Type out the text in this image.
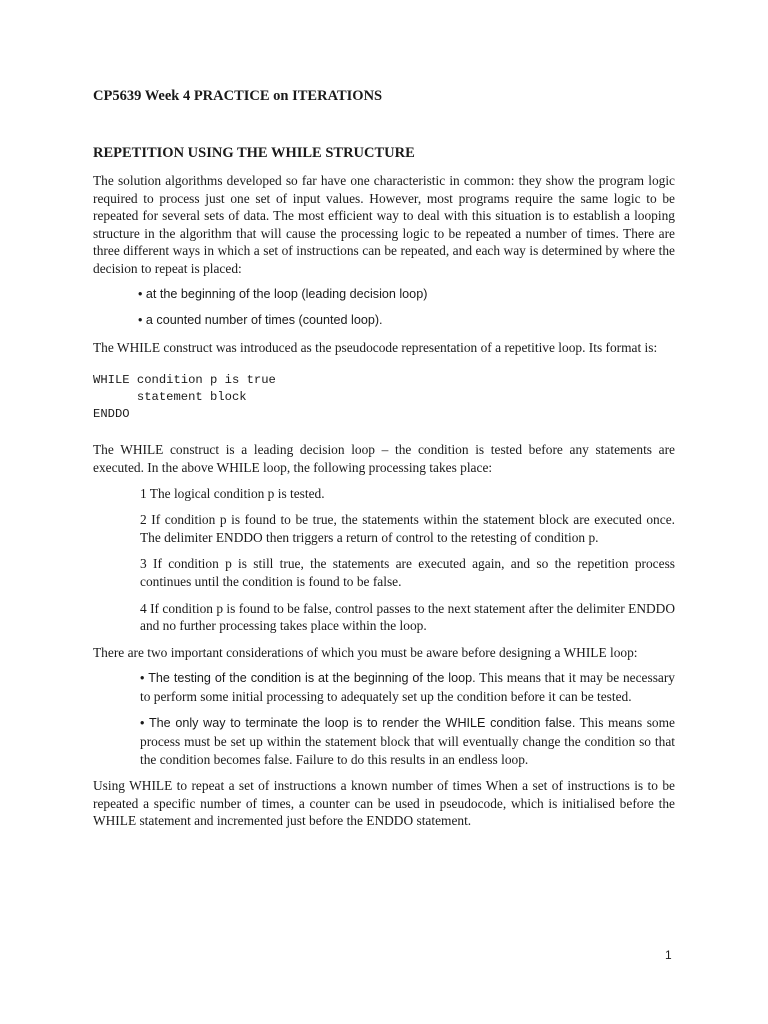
CP5639 Week 4 PRACTICE on ITERATIONS
REPETITION USING THE WHILE STRUCTURE

The solution algorithms developed so far have one characteristic in common: they show the program logic required to process just one set of input values. However, most programs require the same logic to be repeated for several sets of data. The most efficient way to deal with this situation is to establish a looping structure in the algorithm that will cause the processing logic to be repeated a number of times. There are three different ways in which a set of instructions can be repeated, and each way is determined by where the decision to repeat is placed:

• at the beginning of the loop (leading decision loop)

• a counted number of times (counted loop).

The WHILE construct was introduced as the pseudocode representation of a repetitive loop. Its format is:

WHILE condition p is true
statement block
ENDDO

The WHILE construct is a leading decision loop – the condition is tested before any statements are executed. In the above WHILE loop, the following processing takes place:

1 The logical condition p is tested.

2 If condition p is found to be true, the statements within the statement block are executed once. The delimiter ENDDO then triggers a return of control to the retesting of condition p.

3 If condition p is still true, the statements are executed again, and so the repetition process continues until the condition is found to be false.

4 If condition p is found to be false, control passes to the next statement after the delimiter ENDDO and no further processing takes place within the loop.

There are two important considerations of which you must be aware before designing a WHILE loop:

• The testing of the condition is at the beginning of the loop. This means that it may be necessary to perform some initial processing to adequately set up the condition before it can be tested.

• The only way to terminate the loop is to render the WHILE condition false. This means some process must be set up within the statement block that will eventually change the condition so that the condition becomes false. Failure to do this results in an endless loop.

Using WHILE to repeat a set of instructions a known number of times When a set of instructions is to be repeated a specific number of times, a counter can be used in pseudocode, which is initialised before the WHILE statement and incremented just before the ENDDO statement.

1
